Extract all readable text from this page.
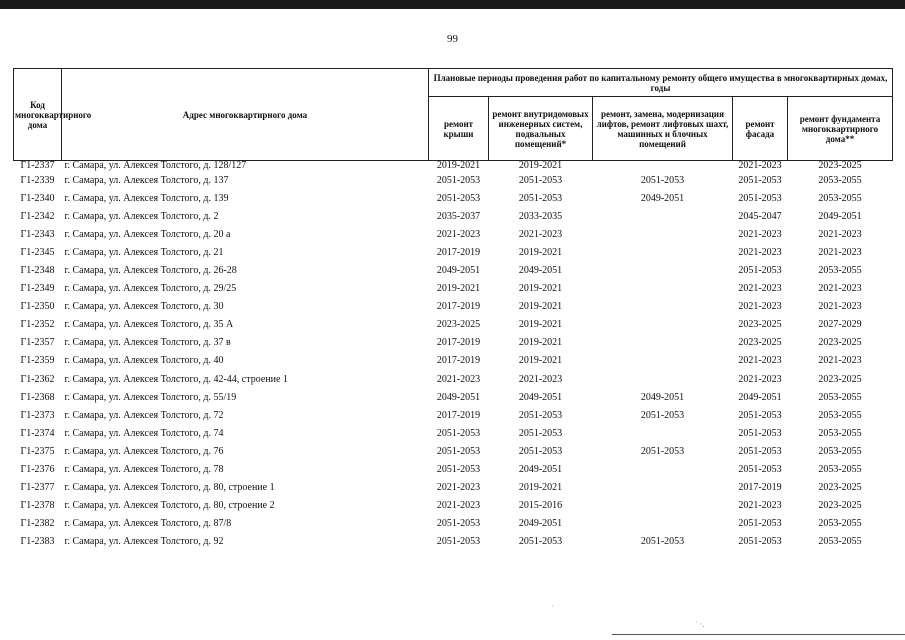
99
Код многоквартирного дома	Адрес многоквартирного дома	Плановые периоды проведения работ по капитальному ремонту общего имущества в многоквартирных домах, годы				
		ремонт крыши	ремонт внутридомовых инженерных систем, подвальных помещений*	ремонт, замена, модернизация лифтов, ремонт лифтовых шахт, машинных и блочных помещений	ремонт фасада	ремонт фундамента многоквартирного дома**
Г1-2337	г. Самара, ул. Алексея Толстого, д. 128/127	2019-2021	2019-2021		2021-2023	2023-2025
Г1-2339	г. Самара, ул. Алексея Толстого, д. 137	2051-2053	2051-2053	2051-2053	2051-2053	2053-2055
Г1-2340	г. Самара, ул. Алексея Толстого, д. 139	2051-2053	2051-2053	2049-2051	2051-2053	2053-2055
Г1-2342	г. Самара, ул. Алексея Толстого, д. 2	2035-2037	2033-2035		2045-2047	2049-2051
Г1-2343	г. Самара, ул. Алексея Толстого, д. 20 а	2021-2023	2021-2023		2021-2023	2021-2023
Г1-2345	г. Самара, ул. Алексея Толстого, д. 21	2017-2019	2019-2021		2021-2023	2021-2023
Г1-2348	г. Самара, ул. Алексея Толстого, д. 26-28	2049-2051	2049-2051		2051-2053	2053-2055
Г1-2349	г. Самара, ул. Алексея Толстого, д. 29/25	2019-2021	2019-2021		2021-2023	2021-2023
Г1-2350	г. Самара, ул. Алексея Толстого, д. 30	2017-2019	2019-2021		2021-2023	2021-2023
Г1-2352	г. Самара, ул. Алексея Толстого, д. 35 А	2023-2025	2019-2021		2023-2025	2027-2029
Г1-2357	г. Самара, ул. Алексея Толстого, д. 37 в	2017-2019	2019-2021		2023-2025	2023-2025
Г1-2359	г. Самара, ул. Алексея Толстого, д. 40	2017-2019	2019-2021		2021-2023	2021-2023
Г1-2362	г. Самара, ул. Алексея Толстого, д. 42-44, строение 1	2021-2023	2021-2023		2021-2023	2023-2025
Г1-2368	г. Самара, ул. Алексея Толстого, д. 55/19	2049-2051	2049-2051	2049-2051	2049-2051	2053-2055
Г1-2373	г. Самара, ул. Алексея Толстого, д. 72	2017-2019	2051-2053	2051-2053	2051-2053	2053-2055
Г1-2374	г. Самара, ул. Алексея Толстого, д. 74	2051-2053	2051-2053		2051-2053	2053-2055
Г1-2375	г. Самара, ул. Алексея Толстого, д. 76	2051-2053	2051-2053	2051-2053	2051-2053	2053-2055
Г1-2376	г. Самара, ул. Алексея Толстого, д. 78	2051-2053	2049-2051		2051-2053	2053-2055
Г1-2377	г. Самара, ул. Алексея Толстого, д. 80, строение 1	2021-2023	2019-2021		2017-2019	2023-2025
Г1-2378	г. Самара, ул. Алексея Толстого, д. 80, строение 2	2021-2023	2015-2016		2021-2023	2023-2025
Г1-2382	г. Самара, ул. Алексея Толстого, д. 87/8	2051-2053	2049-2051		2051-2053	2053-2055
Г1-2383	г. Самара, ул. Алексея Толстого, д. 92	2051-2053	2051-2053	2051-2053	2051-2053	2053-2055
˙
˙ ·.
